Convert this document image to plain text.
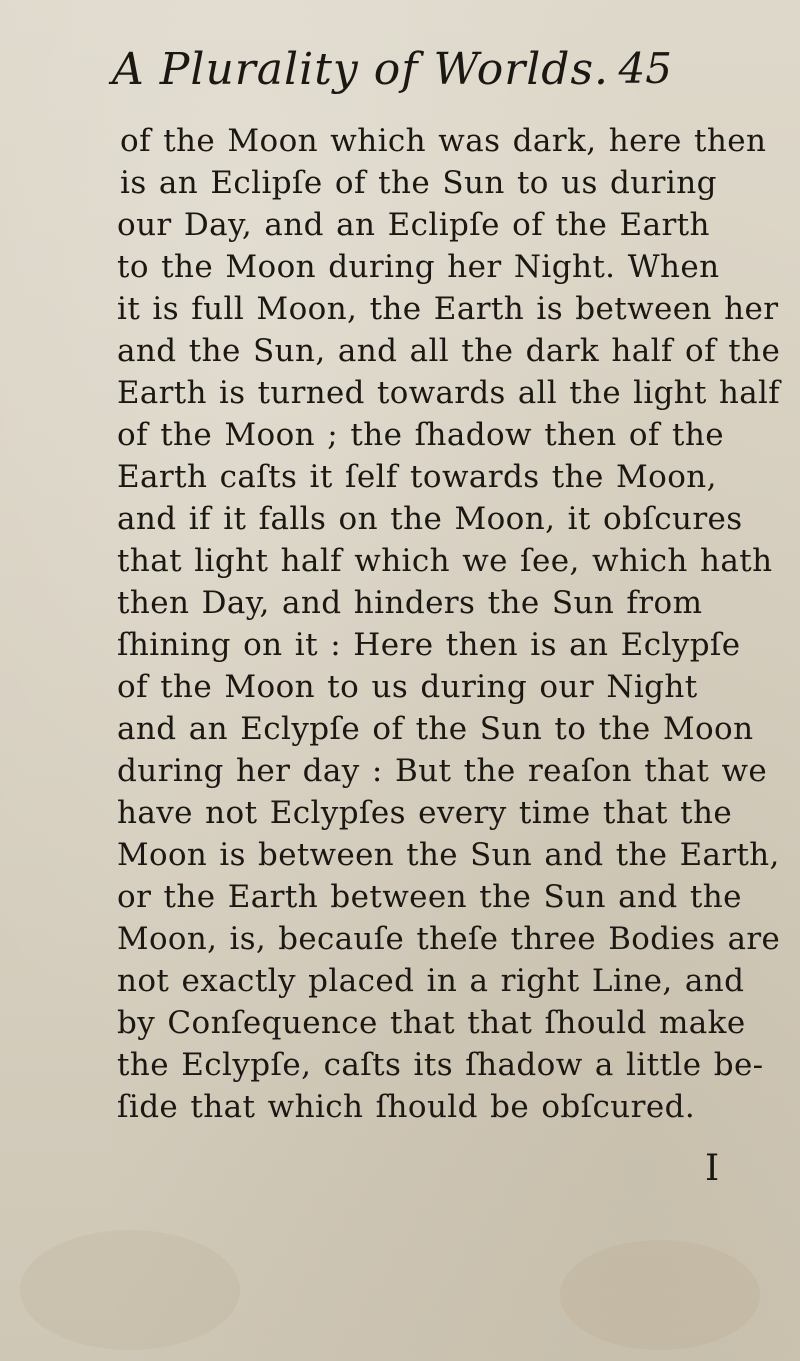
A Plurality of Worlds. 45
of the Moon which was dark, here then
is an Eclipſe of the Sun to us during
our Day, and an Eclipſe of the Earth
to the Moon during her Night. When
it is full Moon, the Earth is between her
and the Sun, and all the dark half of the
Earth is turned towards all the light half
of the Moon ; the ſhadow then of the
Earth caſts it ſelf towards the Moon,
and if it falls on the Moon, it obſcures
that light half which we ſee, which hath
then Day, and hinders the Sun from
ſhining on it : Here then is an Eclypſe
of the Moon to us during our Night
and an Eclypſe of the Sun to the Moon
during her day : But the reaſon that we
have not Eclypſes every time that the
Moon is between the Sun and the Earth,
or the Earth between the Sun and the
Moon, is, becauſe theſe three Bodies are
not exactly placed in a right Line, and
by Conſequence that that ſhould make
the Eclypſe, caſts its ſhadow a little be-
ſide that which ſhould be obſcured.
I
